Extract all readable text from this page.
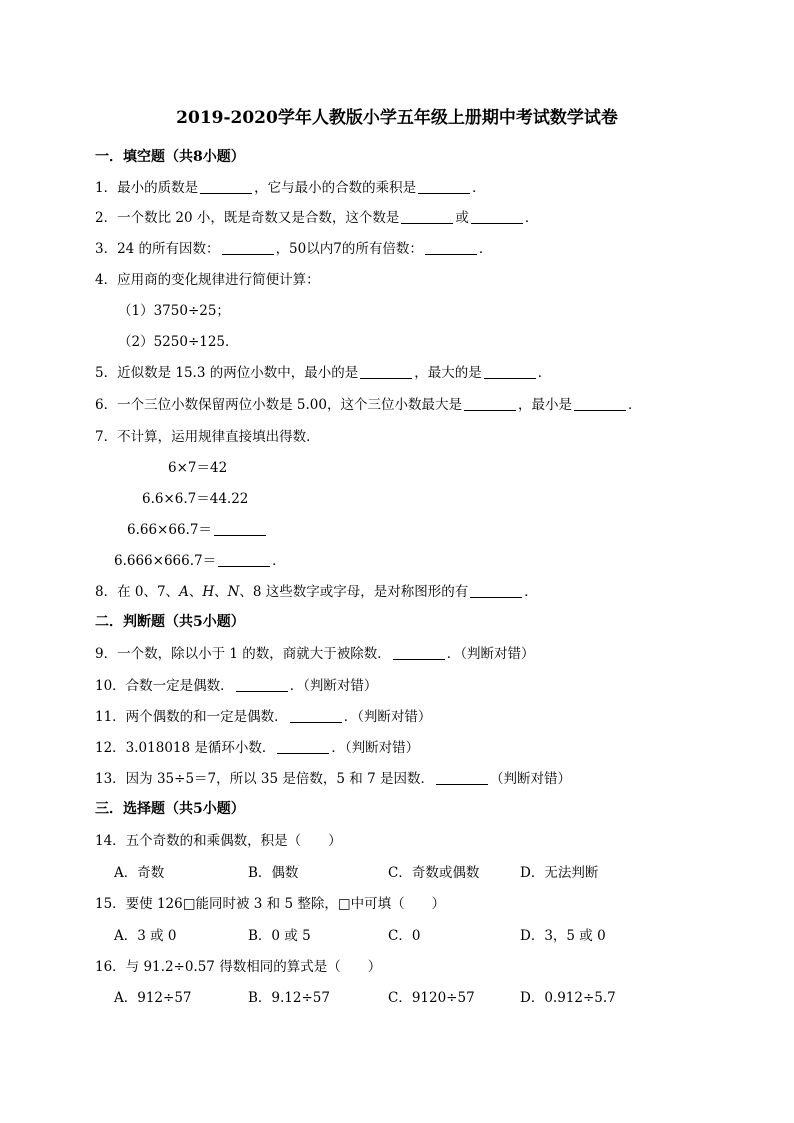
2019-2020学年人教版小学五年级上册期中考试数学试卷
一．填空题（共8小题）
1．最小的质数是	，它与最小的合数的乘积是	．
2．一个数比 20 小，既是奇数又是合数，这个数是	或	．
3．24 的所有因数：	，50以内7的所有倍数：	．
4．应用商的变化规律进行简便计算：
（1）3750÷25；
（2）5250÷125．
5．近似数是 15.3 的两位小数中，最小的是	，最大的是	．
6．一个三位小数保留两位小数是 5.00，这个三位小数最大是	，最小是	．
7．不计算，运用规律直接填出得数．
6×7＝42
6.6×6.7＝44.22
6.66×66.7＝
6.666×666.7＝	．
8．在 0、7、A、H、N、8 这些数字或字母，是对称图形的有	．
二．判断题（共5小题）
9．一个数，除以小于 1 的数，商就大于被除数．	．（判断对错）
10．合数一定是偶数．	．（判断对错）
11．两个偶数的和一定是偶数．	．（判断对错）
12．3.018018 是循环小数．	．（判断对错）
13．因为 35÷5＝7，所以 35 是倍数，5 和 7 是因数．	（判断对错）
三．选择题（共5小题）
14．五个奇数的和乘偶数，积是（　　）
A．奇数	B．偶数	C．奇数或偶数	D．无法判断
15．要使 126□能同时被 3 和 5 整除，□中可填（　　）
A．3 或 0	B．0 或 5	C．0	D．3，5 或 0
16．与 91.2÷0.57 得数相同的算式是（　　）
A．912÷57	B．9.12÷57	C．9120÷57	D．0.912÷5.7
